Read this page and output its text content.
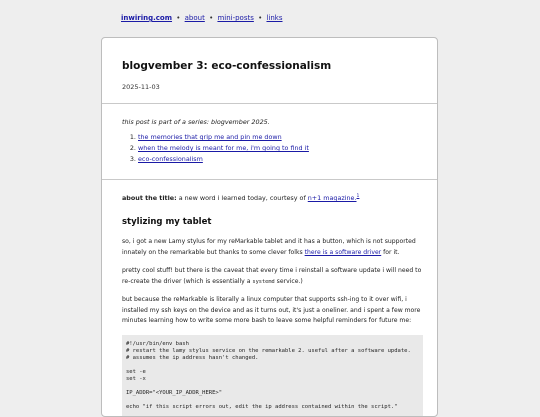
inwiring.com • about • mini-posts • links
blogvember 3: eco-confessionalism
2025-11-03

this post is part of a series: blogvember 2025.

1. the memories that grip me and pin me down
2. when the melody is meant for me, i'm going to find it
3. eco-confessionalism

about the title: a new word i learned today, courtesy of n+1 magazine.$^1$

stylizing my tablet

so, i got a new Lamy stylus for my reMarkable tablet and it has a button, which is not supported innately on the remarkable but thanks to some clever folks there is a software driver for it.

pretty cool stuff! but there is the caveat that every time i reinstall a software update i will need to re-create the driver (which is essentially a systemd service.)

but because the reMarkable is literally a linux computer that supports ssh-ing to it over wifi, i installed my ssh keys on the device and as it turns out, it's just a oneliner. and i spent a few more minutes learning how to write some more bash to leave some helpful reminders for future me:

#!/usr/bin/env bash
# restart the lamy stylus service on the remarkable 2. useful after a software update.
# assumes the ip address hasn't changed.

set -e
set -x

IP_ADDR="<YOUR_IP_ADDR_HERE>"

echo "if this script errors out, edit the ip address contained within the script."
